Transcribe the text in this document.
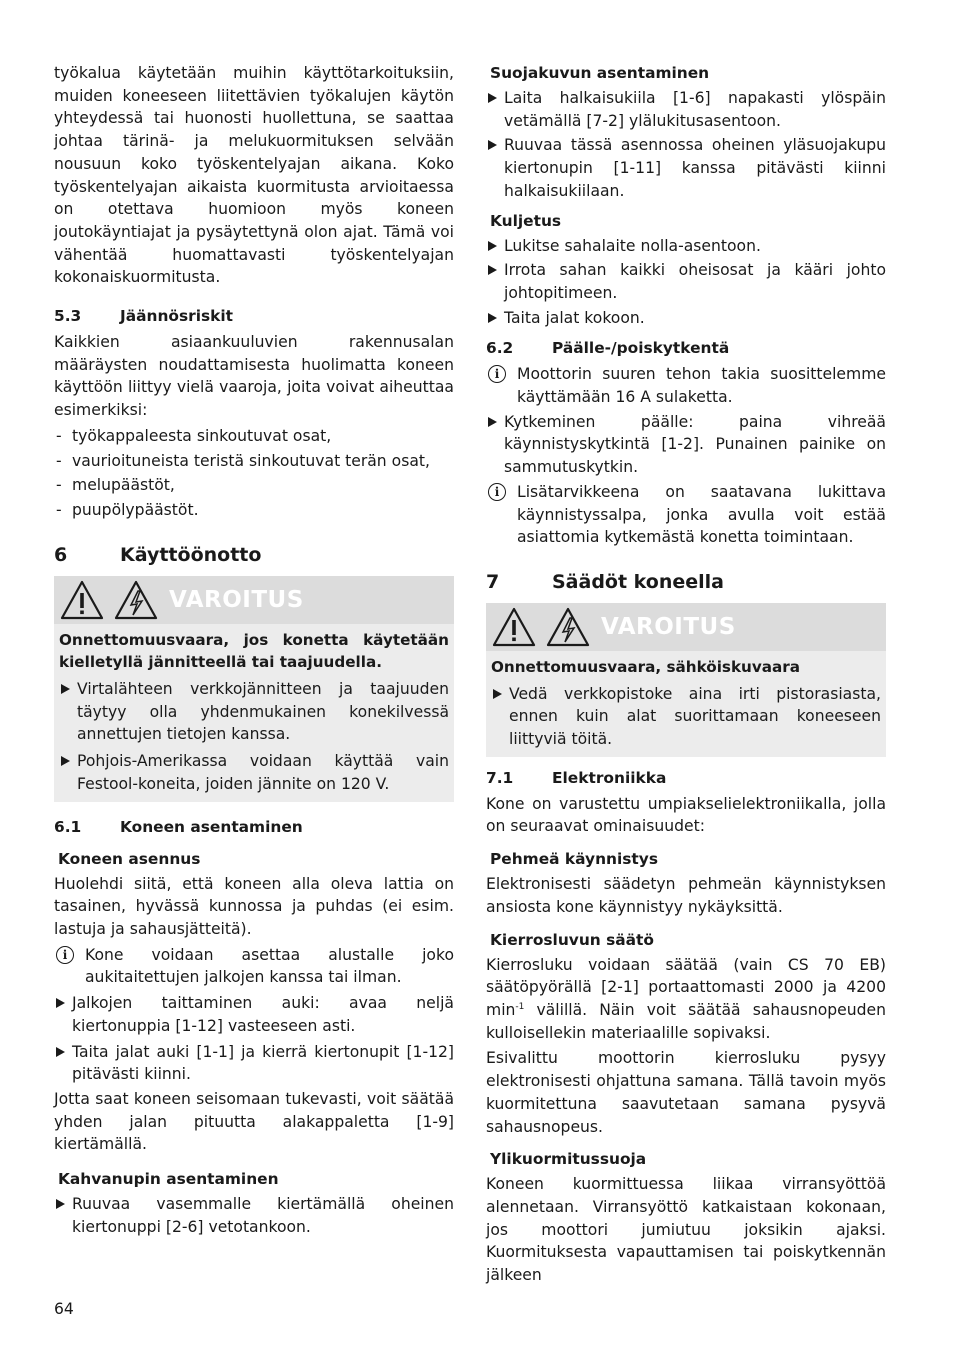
työkalua käytetään muihin käyttötarkoituksiin, muiden koneeseen liitettävien työkalujen käytön yhteydessä tai huonosti huollettuna, se saattaa johtaa tärinä- ja melukuormituksen selvään nousuun koko työskentelyajan aikana. Koko työskentelyajan aikaista kuormitusta arvioitaessa on otettava huomioon myös koneen joutokäyntiajat ja pysäytettynä olon ajat. Tämä voi vähentää huomattavasti työskentelyajan kokonaiskuormitusta.

5.3	Jäännösriskit

Kaikkien asiaankuuluvien rakennusalan määräysten noudattamisesta huolimatta koneen käyttöön liittyy vielä vaaroja, joita voivat aiheuttaa esimerkiksi:

- työkappaleesta sinkoutuvat osat,
- vaurioituneista teristä sinkoutuvat terän osat,
- melupäästöt,
- puupölypäästöt.
6	Käyttöönotto
VAROITUS
Onnettomuusvaara, jos konetta käytetään kielletyllä jännitteellä tai taajuudella.
Virtalähteen verkkojännitteen ja taajuuden täytyy olla yhdenmukainen konekilvessä annettujen tietojen kanssa.
Pohjois-Amerikassa voidaan käyttää vain Festool-koneita, joiden jännite on 120 V.
6.1	Koneen asentaminen
Koneen asennus

Huolehdi siitä, että koneen alla oleva lattia on tasainen, hyvässä kunnossa ja puhdas (ei esim. lastuja ja sahausjätteitä).

i	Kone voidaan asettaa alustalle joko aukitaitettujen jalkojen kanssa tai ilman.
Jalkojen taittaminen auki: avaa neljä kiertonuppia [1-12] vasteeseen asti.
Taita jalat auki [1-1] ja kierrä kiertonupit [1-12] pitävästi kiinni.

Jotta saat koneen seisomaan tukevasti, voit säätää yhden jalan pituutta alakappaletta [1-9] kiertämällä.

Kahvanupin asentaminen
Ruuvaa vasemmalle kiertämällä oheinen kiertonuppi [2-6] vetotankoon.
Suojakuvun asentaminen
Laita halkaisukiila [1-6] napakasti ylöspäin vetämällä [7-2] ylälukitusasentoon.
Ruuvaa tässä asennossa oheinen yläsuojakupu kiertonupin [1-11] kanssa pitävästi kiinni halkaisukiilaan.
Kuljetus
Lukitse sahalaite nolla-asentoon.
Irrota sahan kaikki oheisosat ja kääri johto johtopitimeen.
Taita jalat kokoon.
6.2	Päälle-/poiskytkentä
i	Moottorin suuren tehon takia suosittelemme käyttämään 16 A sulaketta.
Kytkeminen päälle: paina vihreää käynnistyskytkintä [1-2]. Punainen painike on sammutuskytkin.
i	Lisätarvikkeena on saatavana lukittava käynnistyssalpa, jonka avulla voit estää asiattomia kytkemästä konetta toimintaan.
7	Säädöt koneella
VAROITUS
Onnettomuusvaara, sähköiskuvaara
Vedä verkkopistoke aina irti pistorasiasta, ennen kuin alat suorittamaan koneeseen liittyviä töitä.
7.1	Elektroniikka

Kone on varustettu umpiakselielektroniikalla, jolla on seuraavat ominaisuudet:

Pehmeä käynnistys

Elektronisesti säädetyn pehmeän käynnistyksen ansiosta kone käynnistyy nykäyksittä.

Kierrosluvun säätö

Kierrosluku voidaan säätää (vain CS 70 EB) säätöpyörällä [2-1] portaattomasti 2000 ja 4200 $\min^{-1}$ välillä. Näin voit säätää sahausnopeuden kulloisellekin materiaalille sopivaksi.

Esivalittu moottorin kierrosluku pysyy elektronisesti ohjattuna samana. Tällä tavoin myös kuormitettuna saavutetaan samana pysyvä sahausnopeus.

Ylikuormitussuoja

Koneen kuormittuessa liikaa virransyöttöä alennetaan. Virransyöttö katkaistaan kokonaan, jos moottori jumiutuu joksikin ajaksi. Kuormituksesta vapauttamisen tai poiskytkennän jälkeen

64
